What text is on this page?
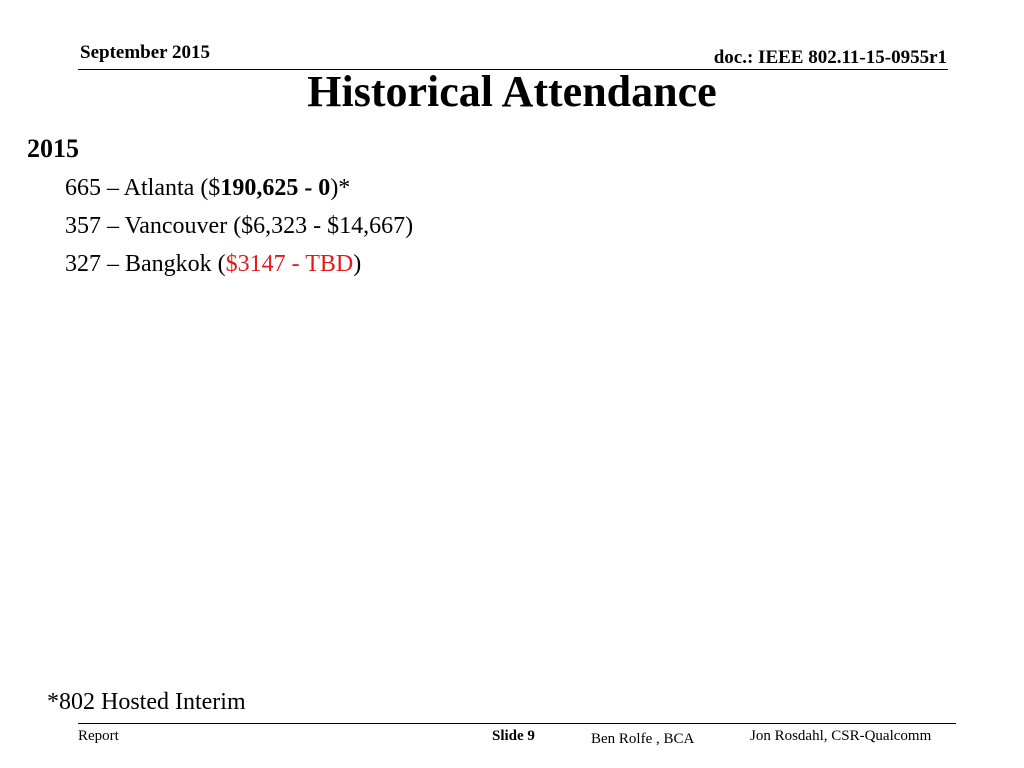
September 2015	doc.: IEEE 802.11-15-0955r1
Historical Attendance
2015
665 – Atlanta ($190,625 - 0)*
357 – Vancouver ($6,323 - $14,667)
327 – Bangkok ($3147 - TBD)
*802 Hosted Interim
Report	Slide 9	Ben Rolfe , BCA	Jon Rosdahl, CSR-Qualcomm
